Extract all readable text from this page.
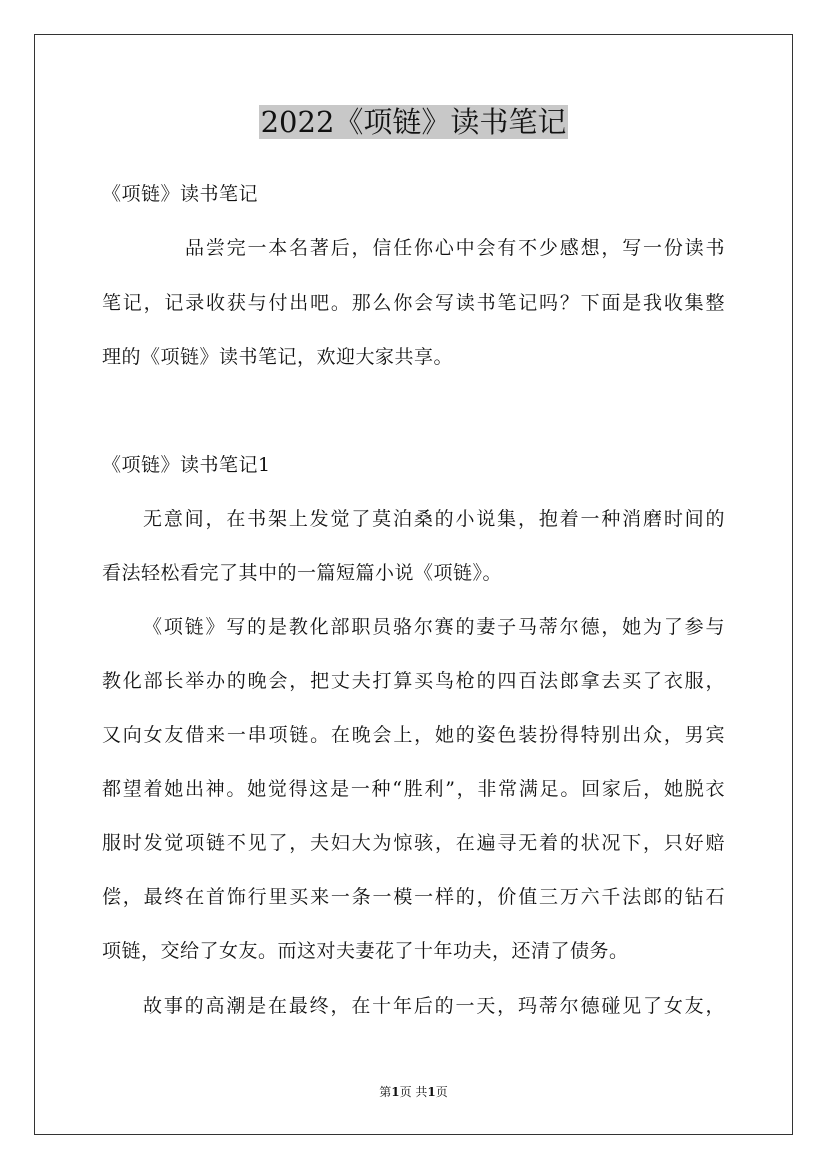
2022《项链》读书笔记
《项链》读书笔记
品尝完一本名著后，信任你心中会有不少感想，写一份读书
笔记，记录收获与付出吧。那么你会写读书笔记吗？下面是我收集整
理的《项链》读书笔记，欢迎大家共享。
《项链》读书笔记1
无意间，在书架上发觉了莫泊桑的小说集，抱着一种消磨时间的
看法轻松看完了其中的一篇短篇小说《项链》。
《项链》写的是教化部职员骆尔赛的妻子马蒂尔德，她为了参与
教化部长举办的晚会，把丈夫打算买鸟枪的四百法郎拿去买了衣服，
又向女友借来一串项链。在晚会上，她的姿色装扮得特别出众，男宾
都望着她出神。她觉得这是一种“胜利”，非常满足。回家后，她脱衣
服时发觉项链不见了，夫妇大为惊骇，在遍寻无着的状况下，只好赔
偿，最终在首饰行里买来一条一模一样的，价值三万六千法郎的钻石
项链，交给了女友。而这对夫妻花了十年功夫，还清了债务。
故事的高潮是在最终，在十年后的一天，玛蒂尔德碰见了女友，
第1页 共1页
